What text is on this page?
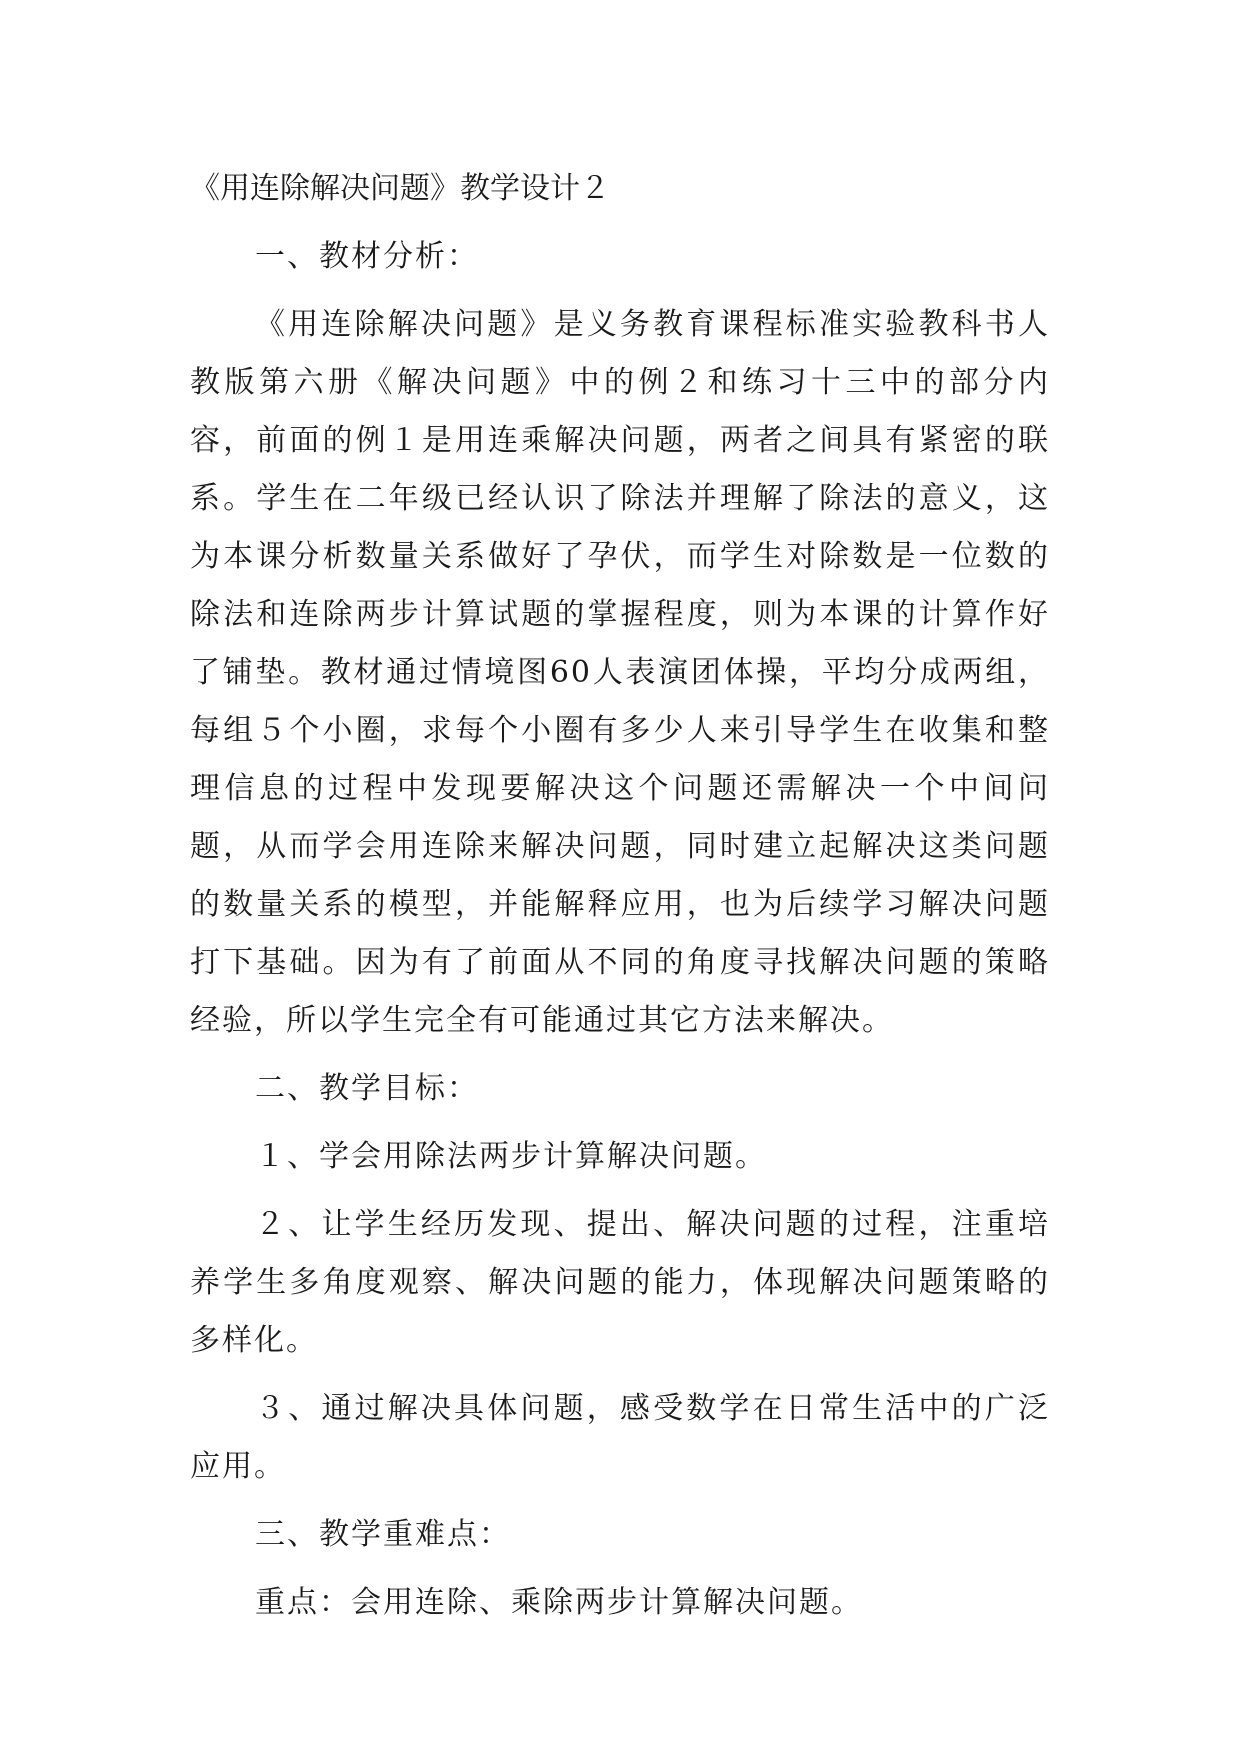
《用连除解决问题》教学设计２

一、教材分析：

《用连除解决问题》是义务教育课程标准实验教科书人教版第六册《解决问题》中的例２和练习十三中的部分内容，前面的例１是用连乘解决问题，两者之间具有紧密的联系。学生在二年级已经认识了除法并理解了除法的意义，这为本课分析数量关系做好了孕伏，而学生对除数是一位数的除法和连除两步计算试题的掌握程度，则为本课的计算作好了铺垫。教材通过情境图60人表演团体操，平均分成两组，每组５个小圈，求每个小圈有多少人来引导学生在收集和整理信息的过程中发现要解决这个问题还需解决一个中间问题，从而学会用连除来解决问题，同时建立起解决这类问题的数量关系的模型，并能解释应用，也为后续学习解决问题打下基础。因为有了前面从不同的角度寻找解决问题的策略经验，所以学生完全有可能通过其它方法来解决。

二、教学目标：

１、学会用除法两步计算解决问题。

２、让学生经历发现、提出、解决问题的过程，注重培养学生多角度观察、解决问题的能力，体现解决问题策略的多样化。

３、通过解决具体问题，感受数学在日常生活中的广泛应用。

三、教学重难点：

重点：会用连除、乘除两步计算解决问题。
